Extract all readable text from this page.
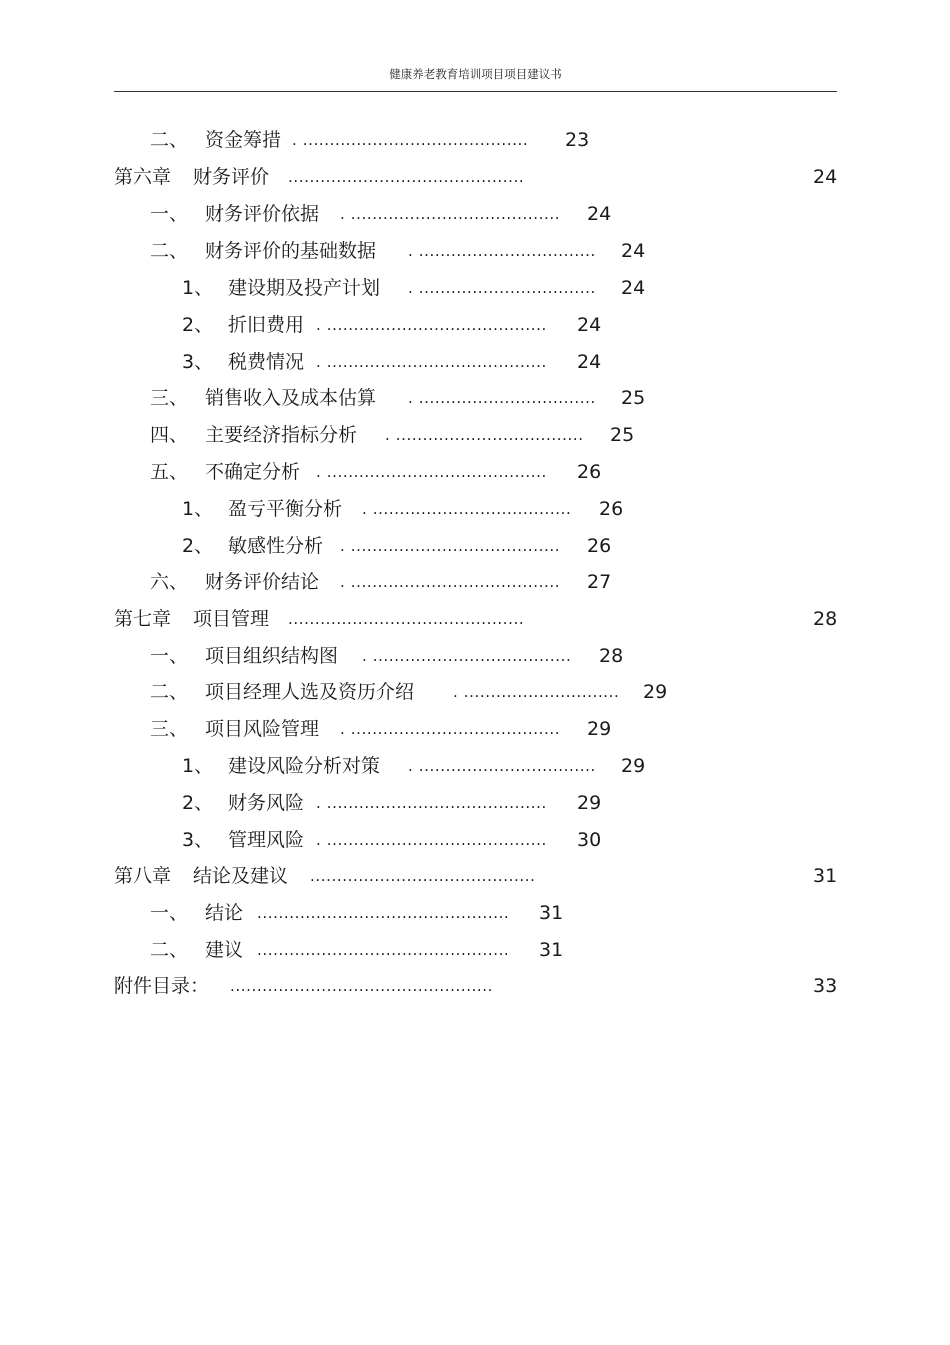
健康养老教育培训项目项目建议书
二、 资金筹措 . .......................................... 23
第六章 财务评价 ............................................	24
一、 财务评价依据 . ....................................... 24
二、 财务评价的基础数据 . ................................. 24
1、 建设期及投产计划 . ................................. 24
2、 折旧费用 . ......................................... 24
3、 税费情况 . ......................................... 24
三、 销售收入及成本估算 . ................................. 25
四、 主要经济指标分析 . ................................... 25
五、 不确定分析 . ......................................... 26
1、 盈亏平衡分析 . ..................................... 26
2、 敏感性分析 . ....................................... 26
六、 财务评价结论 . ....................................... 27
第七章 项目管理 ............................................	28
一、 项目组织结构图 . ..................................... 28
二、 项目经理人选及资历介绍	. ............................. 29
三、 项目风险管理 . ....................................... 29
1、 建设风险分析对策 . ................................. 29
2、 财务风险 . ......................................... 29
3、 管理风险 . ......................................... 30
第八章 结论及建议 ..........................................	31
一、 结论 ............................................... 31
二、 建议 ............................................... 31
附件目录： .................................................	33
